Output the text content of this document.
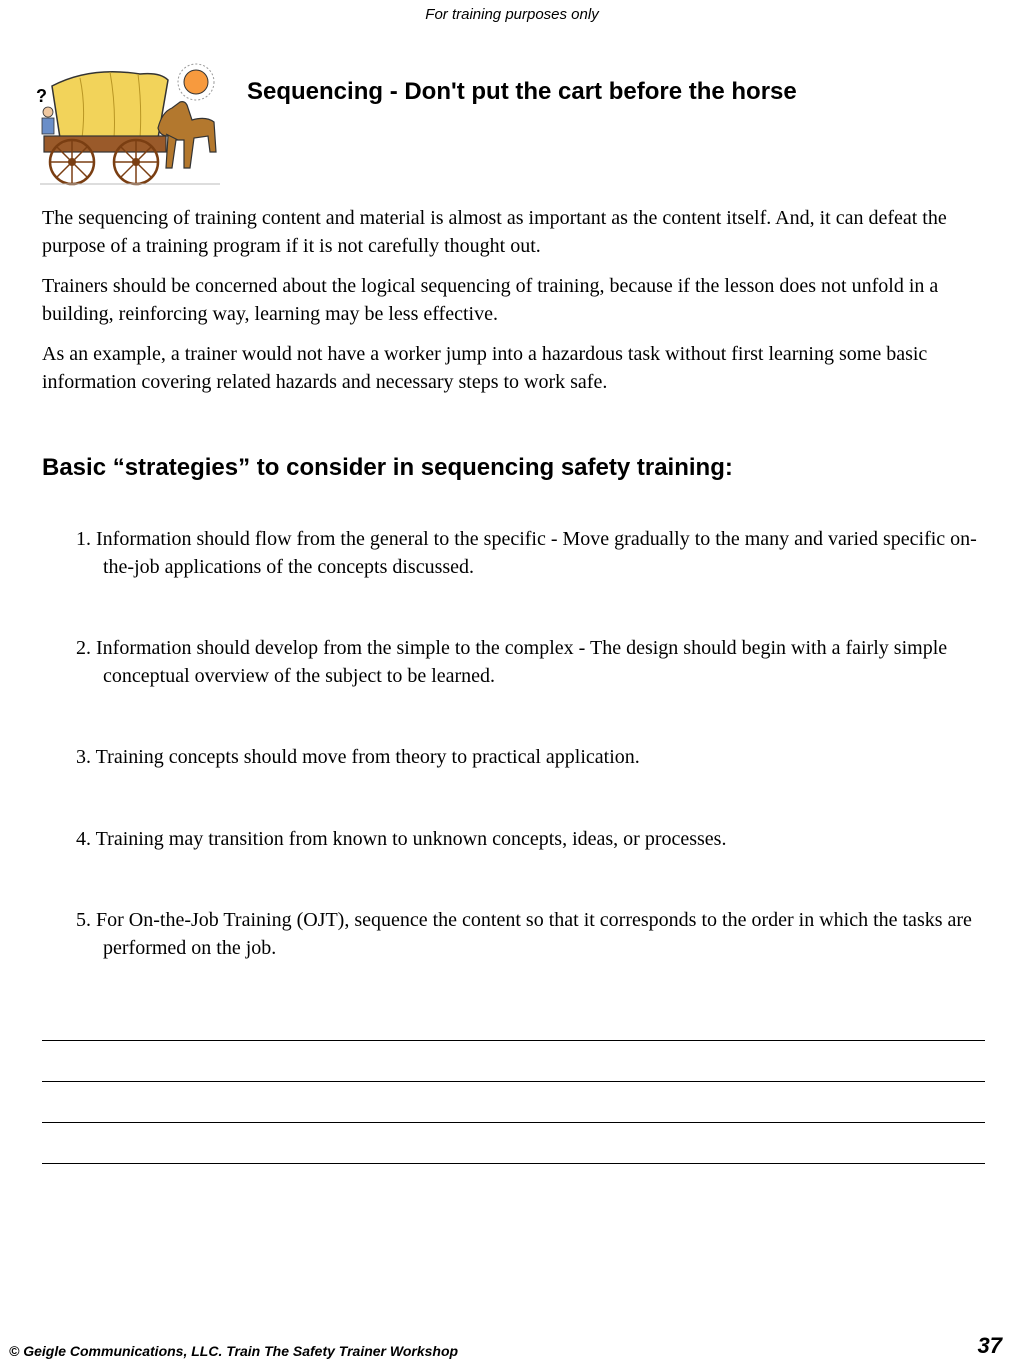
For training purposes only
?	Sequencing - Don't put the cart before the horse

The sequencing of training content and material is almost as important as the content itself. And, it can defeat the purpose of a training program if it is not carefully thought out.

Trainers should be concerned about the logical sequencing of training, because if the lesson does not unfold in a building, reinforcing way, learning may be less effective.

As an example, a trainer would not have a worker jump into a hazardous task without first learning some basic information covering related hazards and necessary steps to work safe.

Basic “strategies” to consider in sequencing safety training:
1. Information should flow from the general to the specific - Move gradually to the many and varied specific on-the-job applications of the concepts discussed.
2. Information should develop from the simple to the complex - The design should begin with a fairly simple conceptual overview of the subject to be learned.
3. Training concepts should move from theory to practical application.
4. Training may transition from known to unknown concepts, ideas, or processes.
5. For On-the-Job Training (OJT), sequence the content so that it corresponds to the order in which the tasks are performed on the job.
© Geigle Communications, LLC. Train The Safety Trainer Workshop	37
